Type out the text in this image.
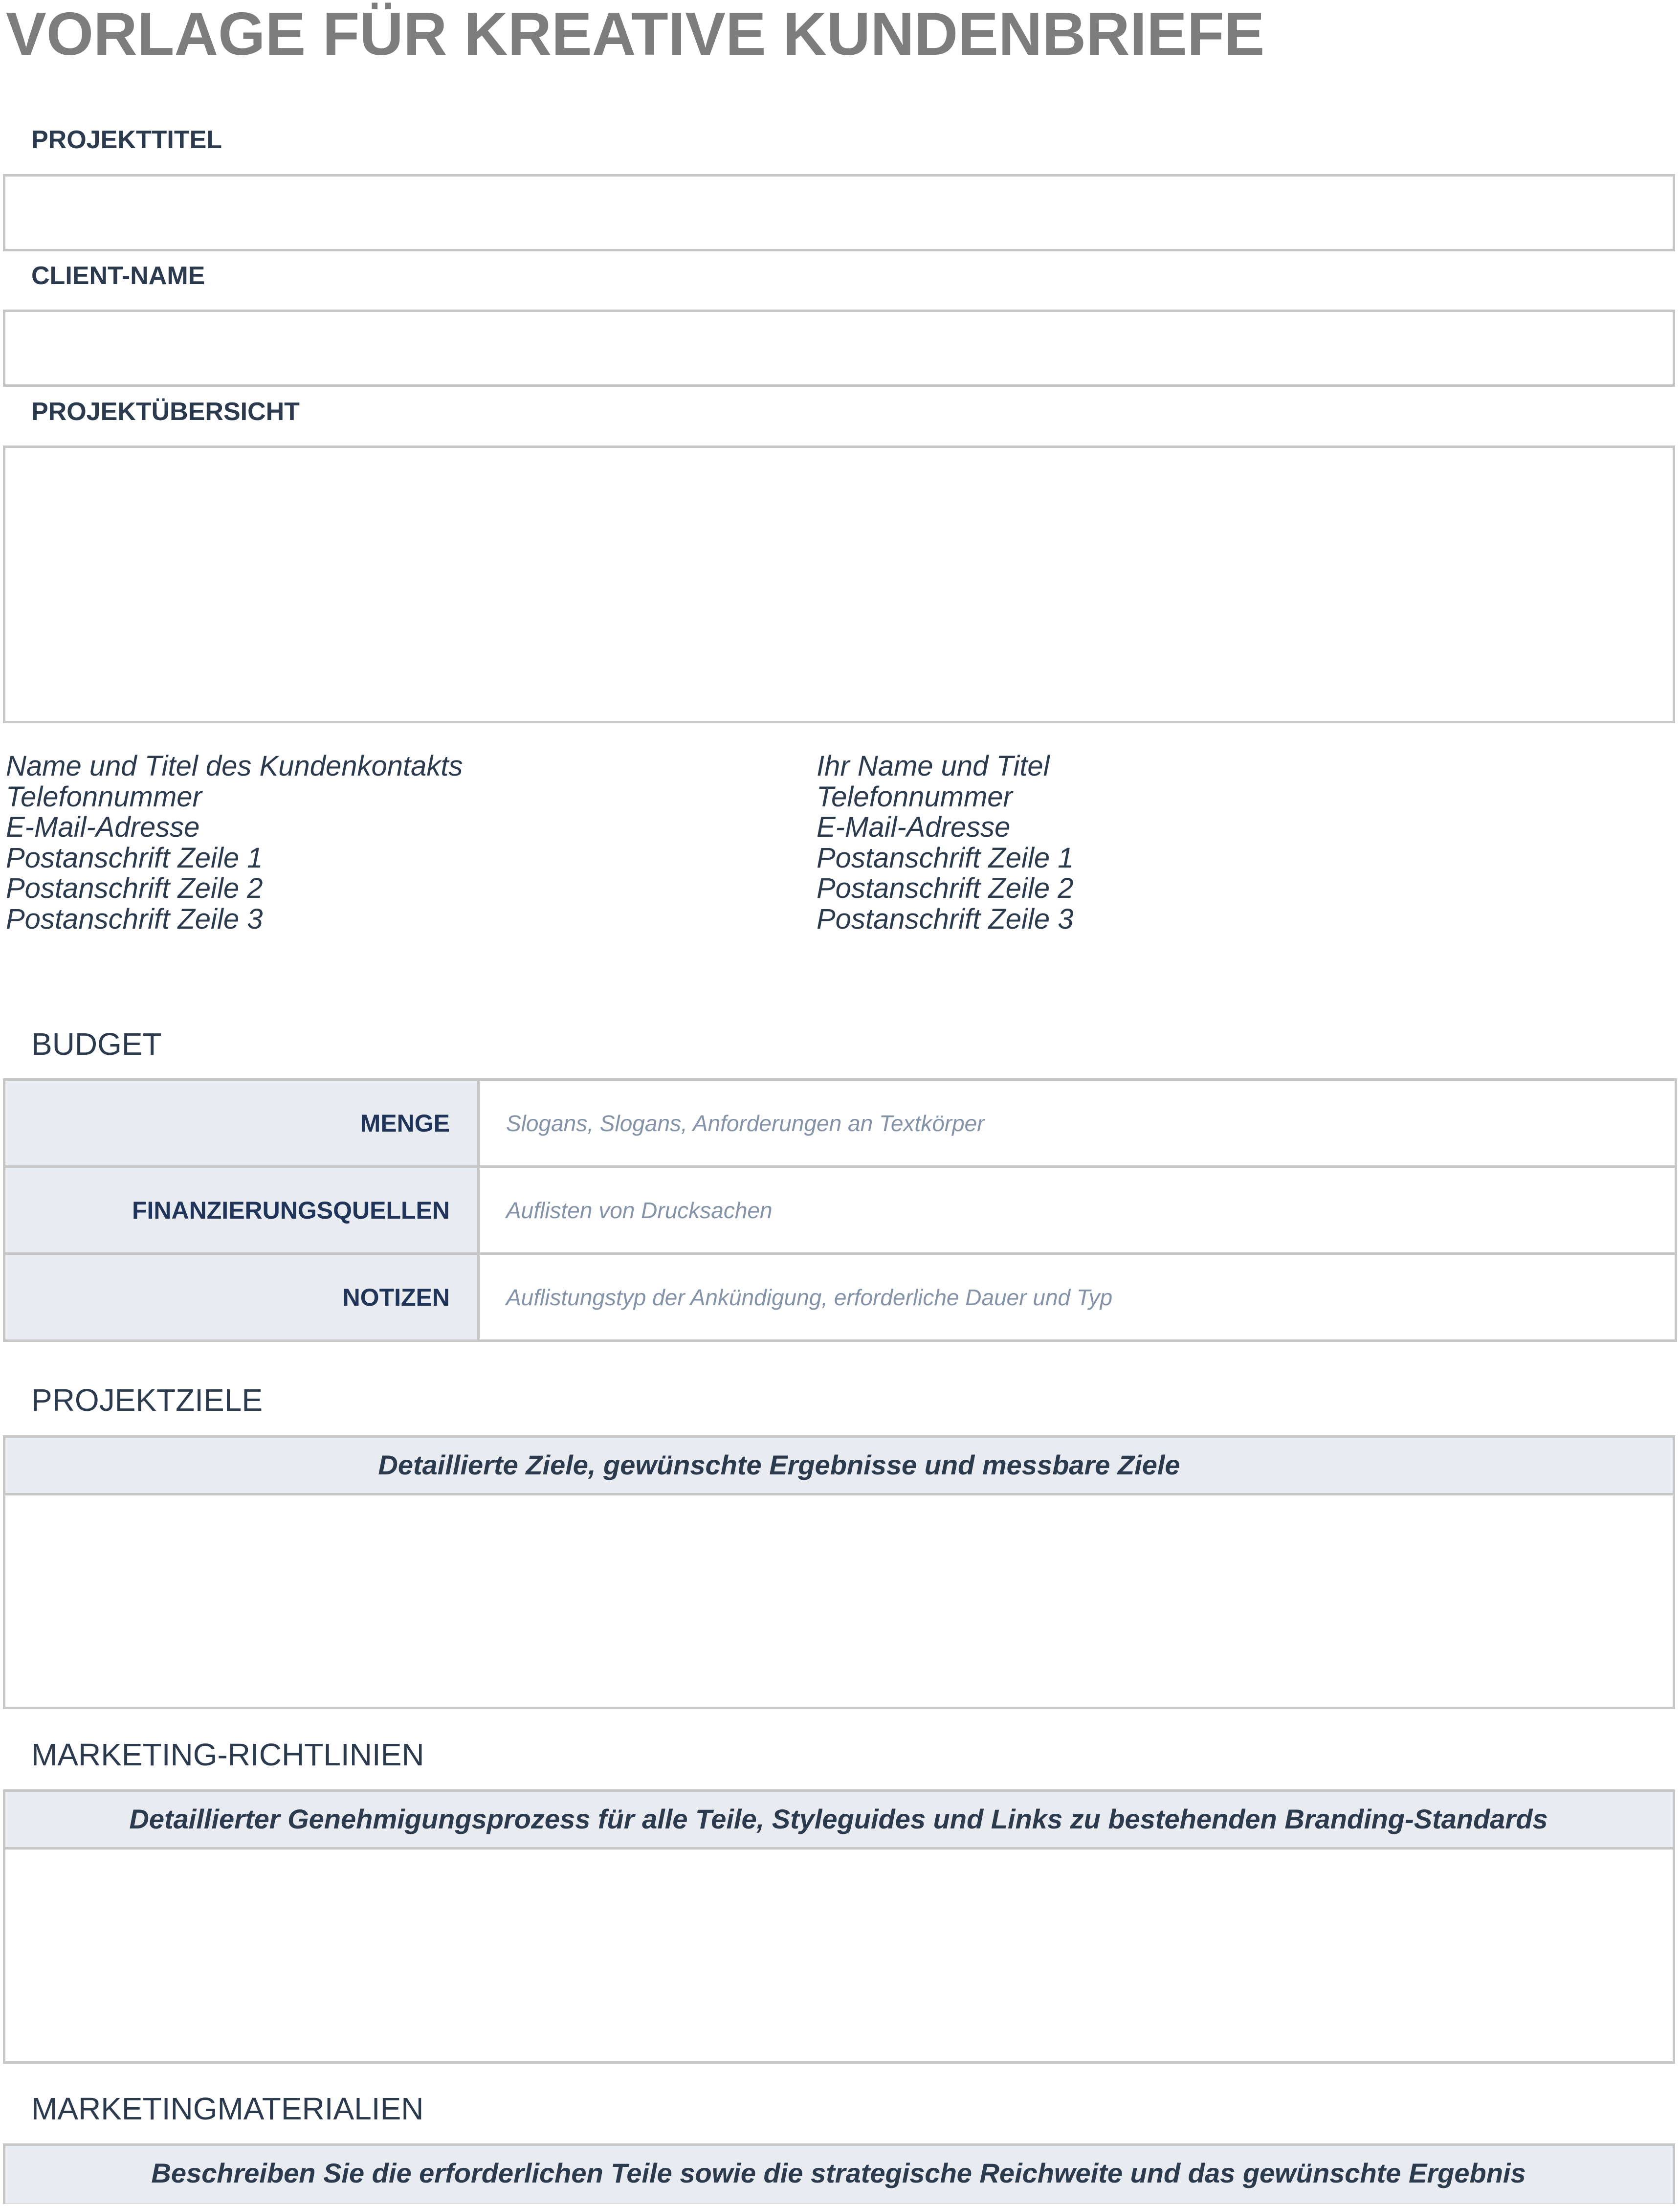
VORLAGE FÜR KREATIVE KUNDENBRIEFE
PROJEKTTITEL
CLIENT-NAME
PROJEKTÜBERSICHT
Name und Titel des Kundenkontakts
Telefonnummer
E-Mail-Adresse
Postanschrift Zeile 1
Postanschrift Zeile 2
Postanschrift Zeile 3
Ihr Name und Titel
Telefonnummer
E-Mail-Adresse
Postanschrift Zeile 1
Postanschrift Zeile 2
Postanschrift Zeile 3
BUDGET
MENGE	Slogans, Slogans, Anforderungen an Textkörper
FINANZIERUNGSQUELLEN	Auflisten von Drucksachen
NOTIZEN	Auflistungstyp der Ankündigung, erforderliche Dauer und Typ
PROJEKTZIELE
Detaillierte Ziele, gewünschte Ergebnisse und messbare Ziele
MARKETING-RICHTLINIEN
Detaillierter Genehmigungsprozess für alle Teile, Styleguides und Links zu bestehenden Branding-Standards
MARKETINGMATERIALIEN
Beschreiben Sie die erforderlichen Teile sowie die strategische Reichweite und das gewünschte Ergebnis
